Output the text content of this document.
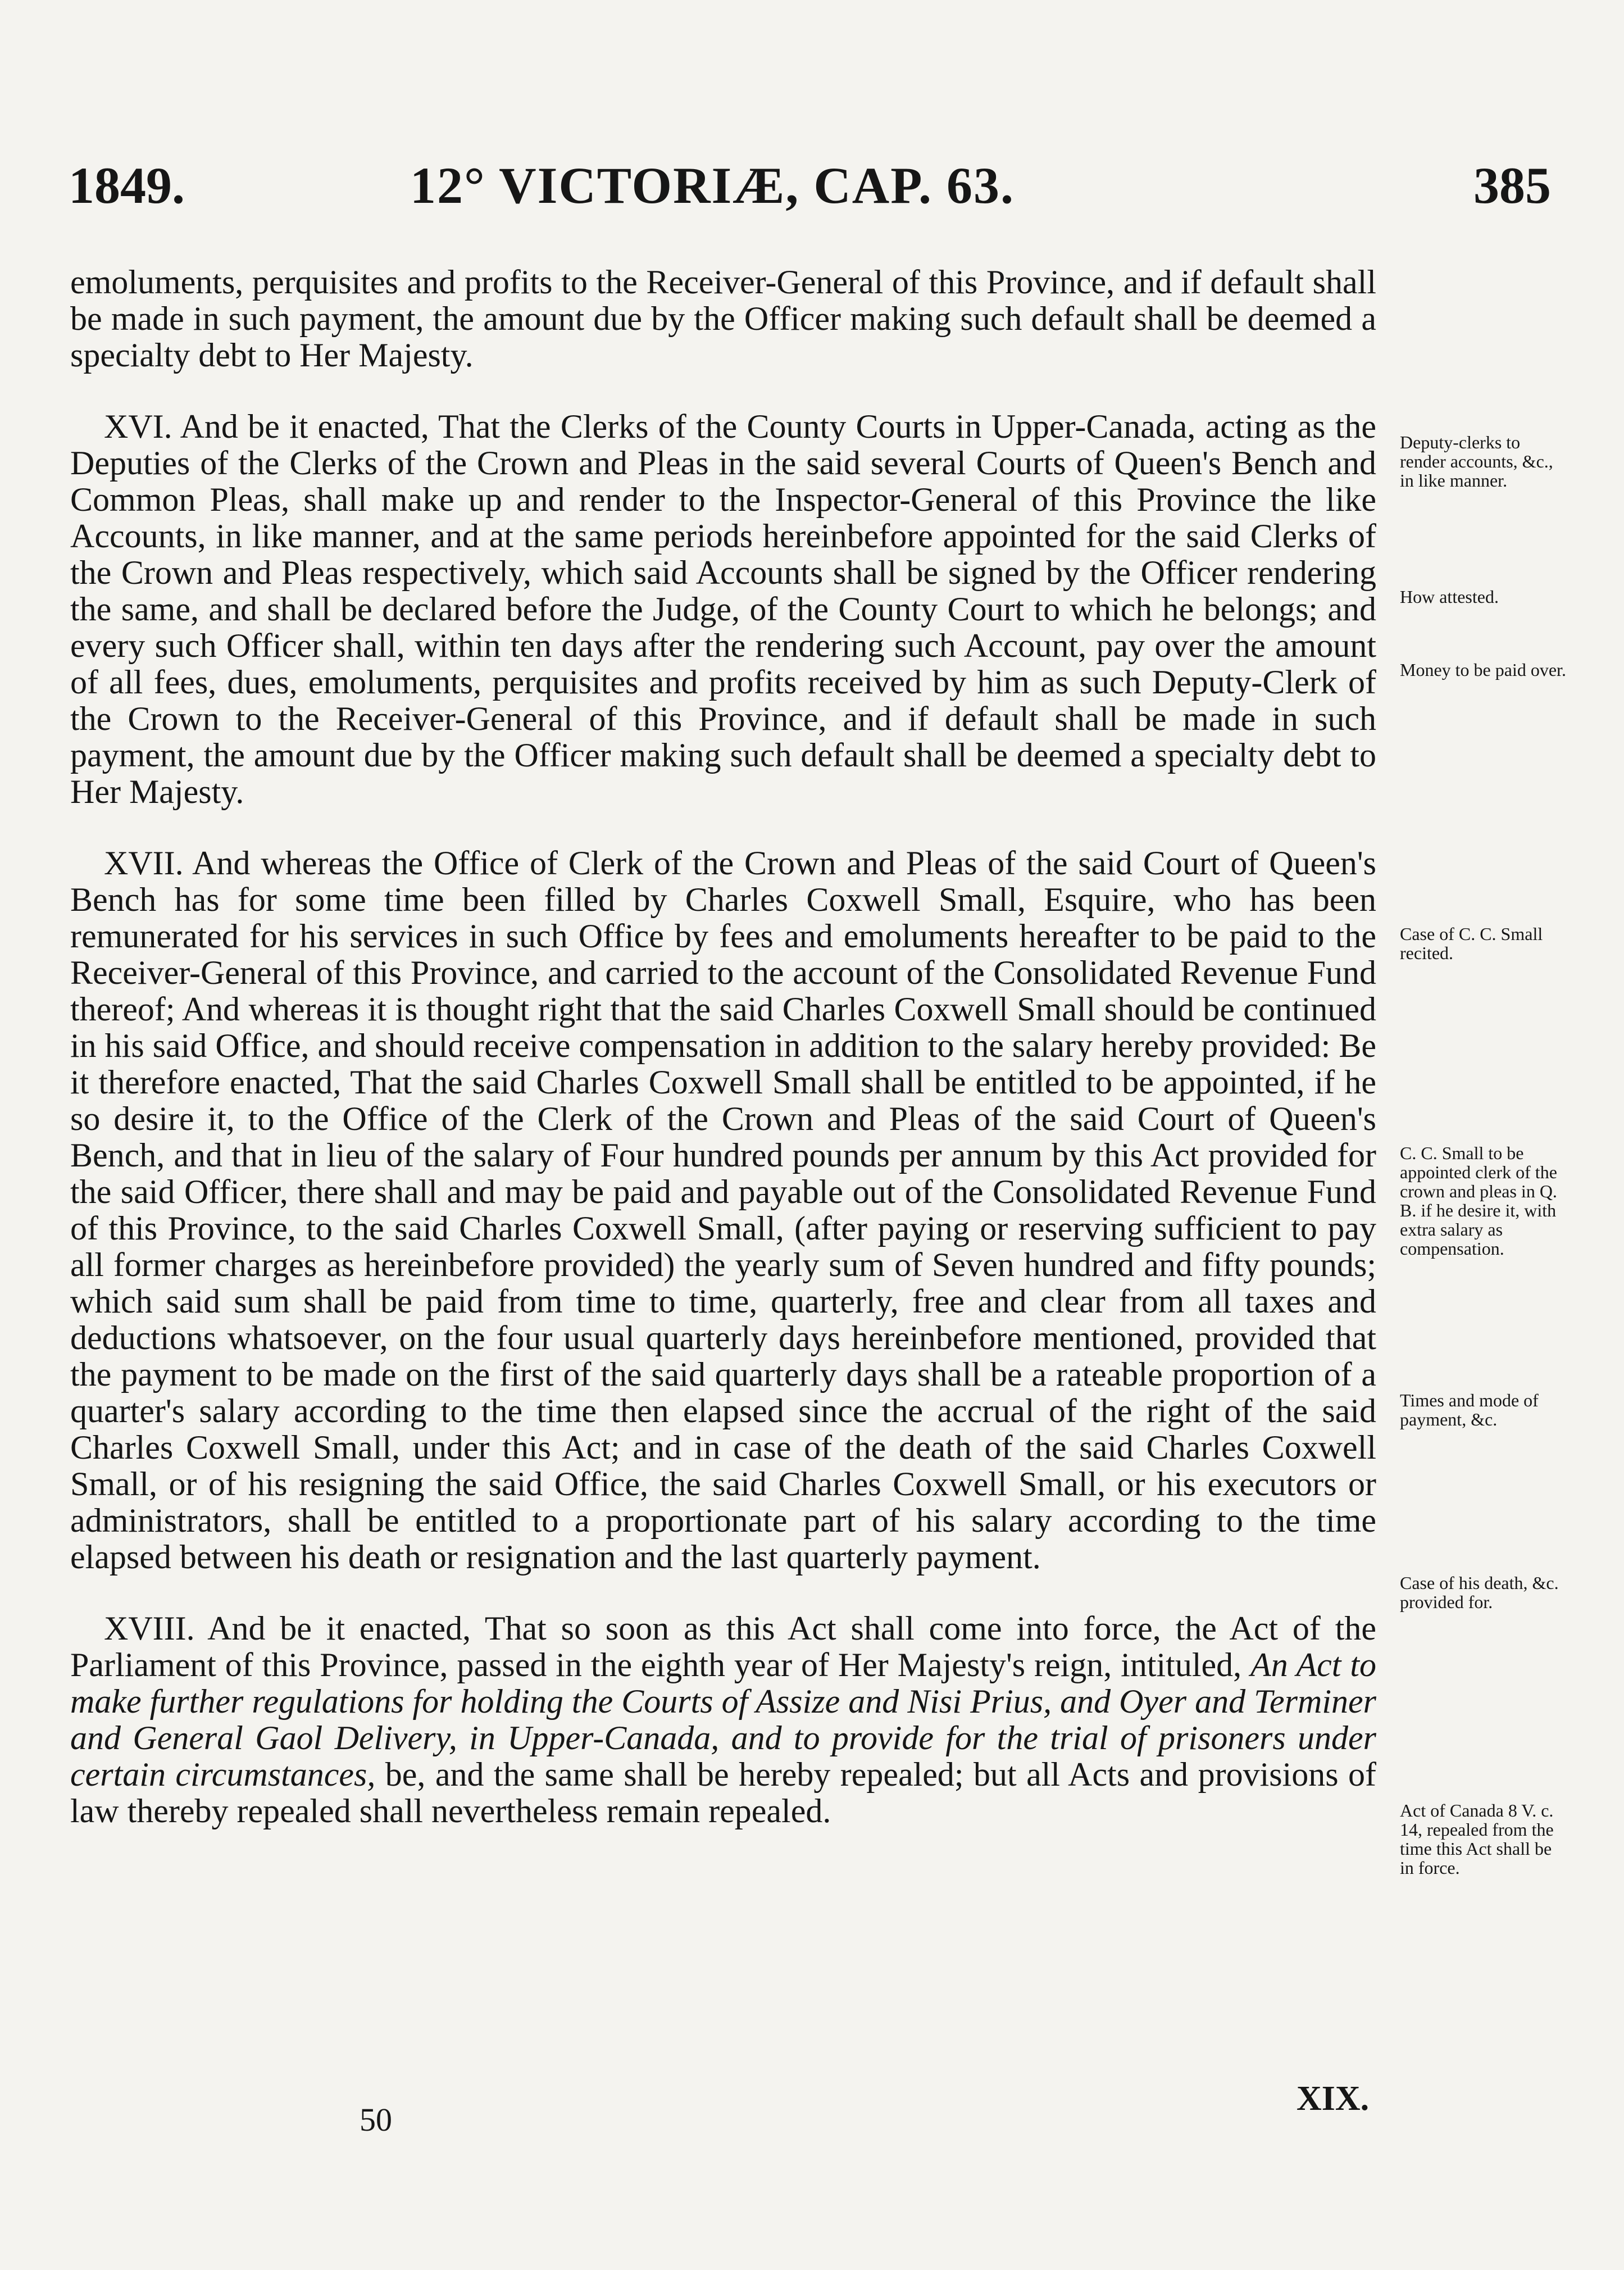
1849.	12° VICTORIÆ, CAP. 63.	385

emoluments, perquisites and profits to the Receiver-General of this Province, and if default shall be made in such payment, the amount due by the Officer making such default shall be deemed a specialty debt to Her Majesty.

XVI. And be it enacted, That the Clerks of the County Courts in Upper-Canada, acting as the Deputies of the Clerks of the Crown and Pleas in the said several Courts of Queen's Bench and Common Pleas, shall make up and render to the Inspector-General of this Province the like Accounts, in like manner, and at the same periods hereinbefore appointed for the said Clerks of the Crown and Pleas respectively, which said Accounts shall be signed by the Officer rendering the same, and shall be declared before the Judge, of the County Court to which he belongs; and every such Officer shall, within ten days after the rendering such Account, pay over the amount of all fees, dues, emoluments, perquisites and profits received by him as such Deputy-Clerk of the Crown to the Receiver-General of this Province, and if default shall be made in such payment, the amount due by the Officer making such default shall be deemed a specialty debt to Her Majesty.

XVII. And whereas the Office of Clerk of the Crown and Pleas of the said Court of Queen's Bench has for some time been filled by Charles Coxwell Small, Esquire, who has been remunerated for his services in such Office by fees and emoluments hereafter to be paid to the Receiver-General of this Province, and carried to the account of the Consolidated Revenue Fund thereof; And whereas it is thought right that the said Charles Coxwell Small should be continued in his said Office, and should receive compensation in addition to the salary hereby provided: Be it therefore enacted, That the said Charles Coxwell Small shall be entitled to be appointed, if he so desire it, to the Office of the Clerk of the Crown and Pleas of the said Court of Queen's Bench, and that in lieu of the salary of Four hundred pounds per annum by this Act provided for the said Officer, there shall and may be paid and payable out of the Consolidated Revenue Fund of this Province, to the said Charles Coxwell Small, (after paying or reserving sufficient to pay all former charges as hereinbefore provided) the yearly sum of Seven hundred and fifty pounds; which said sum shall be paid from time to time, quarterly, free and clear from all taxes and deductions whatsoever, on the four usual quarterly days hereinbefore mentioned, provided that the payment to be made on the first of the said quarterly days shall be a rateable proportion of a quarter's salary according to the time then elapsed since the accrual of the right of the said Charles Coxwell Small, under this Act; and in case of the death of the said Charles Coxwell Small, or of his resigning the said Office, the said Charles Coxwell Small, or his executors or administrators, shall be entitled to a proportionate part of his salary according to the time elapsed between his death or resignation and the last quarterly payment.

XVIII. And be it enacted, That so soon as this Act shall come into force, the Act of the Parliament of this Province, passed in the eighth year of Her Majesty's reign, intituled, An Act to make further regulations for holding the Courts of Assize and Nisi Prius, and Oyer and Terminer and General Gaol Delivery, in Upper-Canada, and to provide for the trial of prisoners under certain circumstances, be, and the same shall be hereby repealed; but all Acts and provisions of law thereby repealed shall nevertheless remain repealed.

Deputy-clerks to render accounts, &c., in like manner.
How attested.
Money to be paid over.
Case of C. C. Small recited.
C. C. Small to be appointed clerk of the crown and pleas in Q. B. if he desire it, with extra salary as compensation.
Times and mode of payment, &c.
Case of his death, &c. provided for.
Act of Canada 8 V. c. 14, repealed from the time this Act shall be in force.
50
XIX.
